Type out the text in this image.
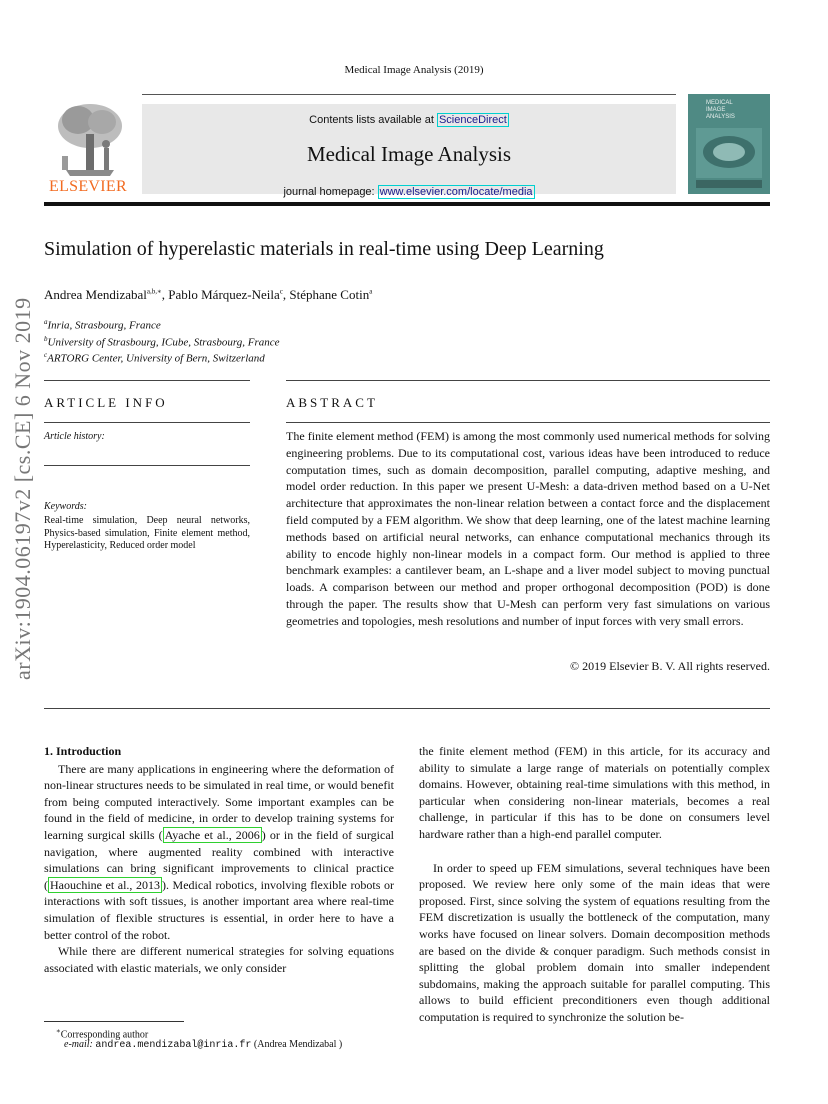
Medical Image Analysis (2019)
ELSEVIER
Contents lists available at ScienceDirect
Medical Image Analysis
journal homepage: www.elsevier.com/locate/media
MEDICAL
IMAGE
ANALYSIS
Simulation of hyperelastic materials in real-time using Deep Learning
Andrea Mendizabal$^{a,b,∗}$, Pablo Márquez-Neila$^c$, Stéphane Cotin$^a$
$^a$Inria, Strasbourg, France
$^b$University of Strasbourg, ICube, Strasbourg, France
$^c$ARTORG Center, University of Bern, Switzerland
ARTICLE INFO
Article history:
Keywords:
Real-time simulation, Deep neural networks, Physics-based simulation, Finite element method, Hyperelasticity, Reduced order model
ABSTRACT
The finite element method (FEM) is among the most commonly used numerical methods for solving engineering problems. Due to its computational cost, various ideas have been introduced to reduce computation times, such as domain decomposition, parallel computing, adaptive meshing, and model order reduction. In this paper we present U-Mesh: a data-driven method based on a U-Net architecture that approximates the non-linear relation between a contact force and the displacement field computed by a FEM algorithm. We show that deep learning, one of the latest machine learning methods based on artificial neural networks, can enhance computational mechanics through its ability to encode highly non-linear models in a compact form. Our method is applied to three benchmark examples: a cantilever beam, an L-shape and a liver model subject to moving punctual loads. A comparison between our method and proper orthogonal decomposition (POD) is done through the paper. The results show that U-Mesh can perform very fast simulations on various geometries and topologies, mesh resolutions and number of input forces with very small errors.
© 2019 Elsevier B. V. All rights reserved.
arXiv:1904.06197v2 [cs.CE] 6 Nov 2019
1. Introduction

There are many applications in engineering where the deformation of non-linear structures needs to be simulated in real time, or would benefit from being computed interactively. Some important examples can be found in the field of medicine, in order to develop training systems for learning surgical skills ( Ayache et al., 2006 ) or in the field of surgical navigation, where augmented reality combined with interactive simulations can bring significant improvements to clinical practice ( Haouchine et al., 2013 ). Medical robotics, involving flexible robots or interactions with soft tissues, is another important area where real-time simulation of flexible structures is essential, in order here to have a better control of the robot.

While there are different numerical strategies for solving equations associated with elastic materials, we only consider

∗Corresponding author
e-mail: andrea.mendizabal@inria.fr (Andrea Mendizabal )

the finite element method (FEM) in this article, for its accuracy and ability to simulate a large range of materials on potentially complex domains. However, obtaining real-time simulations with this method, in particular when considering non-linear materials, becomes a real challenge, in particular if this has to be done on consumers level hardware rather than a high-end parallel computer.

In order to speed up FEM simulations, several techniques have been proposed. We review here only some of the main ideas that were proposed. First, since solving the system of equations resulting from the FEM discretization is usually the bottleneck of the computation, many works have focused on linear solvers. Domain decomposition methods are based on the divide & conquer paradigm. Such methods consist in splitting the global problem domain into smaller independent subdomains, making the approach suitable for parallel computing. This allows to build efficient preconditioners even though additional computation is required to synchronize the solution be-
